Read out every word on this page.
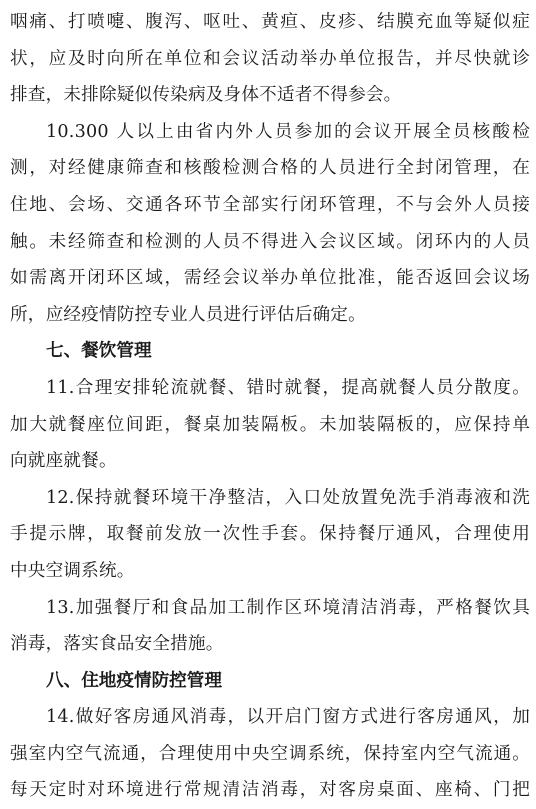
咽痛、打喷嚏、腹泻、呕吐、黄疸、皮疹、结膜充血等疑似症
状，应及时向所在单位和会议活动举办单位报告，并尽快就诊
排查，未排除疑似传染病及身体不适者不得参会。
10.300 人以上由省内外人员参加的会议开展全员核酸检
测，对经健康筛查和核酸检测合格的人员进行全封闭管理，在
住地、会场、交通各环节全部实行闭环管理，不与会外人员接
触。未经筛查和检测的人员不得进入会议区域。闭环内的人员
如需离开闭环区域，需经会议举办单位批准，能否返回会议场
所，应经疫情防控专业人员进行评估后确定。
七、餐饮管理
11.合理安排轮流就餐、错时就餐，提高就餐人员分散度。
加大就餐座位间距，餐桌加装隔板。未加装隔板的，应保持单
向就座就餐。
12.保持就餐环境干净整洁，入口处放置免洗手消毒液和洗
手提示牌，取餐前发放一次性手套。保持餐厅通风，合理使用
中央空调系统。
13.加强餐厅和食品加工制作区环境清洁消毒，严格餐饮具
消毒，落实食品安全措施。
八、住地疫情防控管理
14.做好客房通风消毒，以开启门窗方式进行客房通风，加
强室内空气流通，合理使用中央空调系统，保持室内空气流通。
每天定时对环境进行常规清洁消毒，对客房桌面、座椅、门把
